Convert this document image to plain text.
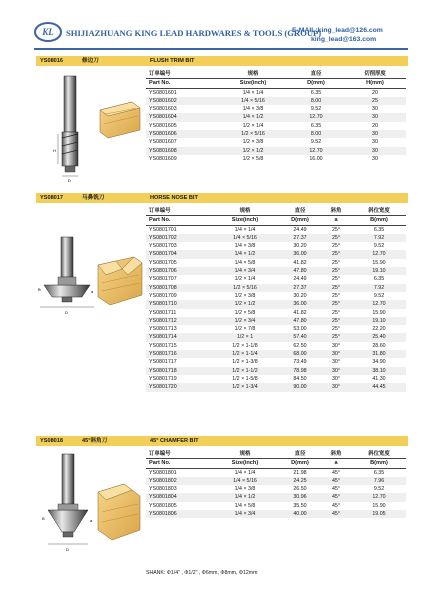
KL	SHIJIAZHUANG KING LEAD HARDWARES & TOOLS (GROUP)
E-MAIL:king_lead@126.com
king_lead@163.com
YS08016	修边刀	FLUSH TRIM BIT
H
D
订单编号	规格	直径	切削厚度
Part No.	Size(inch)	D(mm)	H(mm)
YS0801601	1/4 × 1/4	6.35	20
YS0801602	1/4 × 5/16	8.00	25
YS0801603	1/4 × 3/8	9.52	30
YS0801604	1/4 × 1/2	12.70	30
YS0801605	1/2 × 1/4	6.35	20
YS0801606	1/2 × 5/16	8.00	30
YS0801607	1/2 × 3/8	9.52	30
YS0801608	1/2 × 1/2	12.70	30
YS0801609	1/2 × 5/8	16.00	30
YS08017	马鼻铣刀	HORSE NOSE BIT
D
B	a
订单编号	规格	直径	斜角	斜位宽度
Part No.	Size(inch)	D(mm)	a	B(mm)
YS0801701	1/4 × 1/4	24.49	25°	6.35
YS0801702	1/4 × 5/16	27.37	25°	7.92
YS0801703	1/4 × 3/8	30.20	25°	9.52
YS0801704	1/4 × 1/2	36.00	25°	12.70
YS0801705	1/4 × 5/8	41.82	25°	15.90
YS0801706	1/4 × 3/4	47.80	25°	19.10
YS0801707	1/2 × 1/4	24.49	25°	6.35
YS0801708	1/2 × 5/16	27.37	25°	7.92
YS0801709	1/2 × 3/8	30.20	25°	9.52
YS0801710	1/2 × 1/2	36.00	25°	12.70
YS0801711	1/2 × 5/8	41.82	25°	15.90
YS0801712	1/2 × 3/4	47.80	25°	19.10
YS0801713	1/2 × 7/8	53.00	25°	22.20
YS0801714	1/2 × 1	57.40	25°	25.40
YS0801715	1/2 × 1-1/8	62.50	30°	28.60
YS0801716	1/2 × 1-1/4	68.00	30°	31.80
YS0801717	1/2 × 1-3/8	73.49	30°	34.90
YS0801718	1/2 × 1-1/2	78.98	30°	38.10
YS0801719	1/2 × 1-5/8	84.50	30°	41.30
YS0801720	1/2 × 1-3/4	90.00	30°	44.45
YS08018	45°斜角刀	45° CHAMFER BIT
D
a
B
订单编号	规格	直径	斜角	斜位宽度
Part No.	Size(inch)	D(mm)	a	B(mm)
YS0801801	1/4 × 1/4	21.98	45°	6.35
YS0801802	1/4 × 5/16	24.25	45°	7.96
YS0801803	1/4 × 3/8	26.50	45°	9.52
YS0801804	1/4 × 1/2	30.96	45°	12.70
YS0801805	1/4 × 5/8	35.50	45°	15.90
YS0801806	1/4 × 3/4	40.00	45°	19.05
SHANK: Φ1/4" , Φ1/2" , Φ6mm, Φ8mm, Φ12mm
